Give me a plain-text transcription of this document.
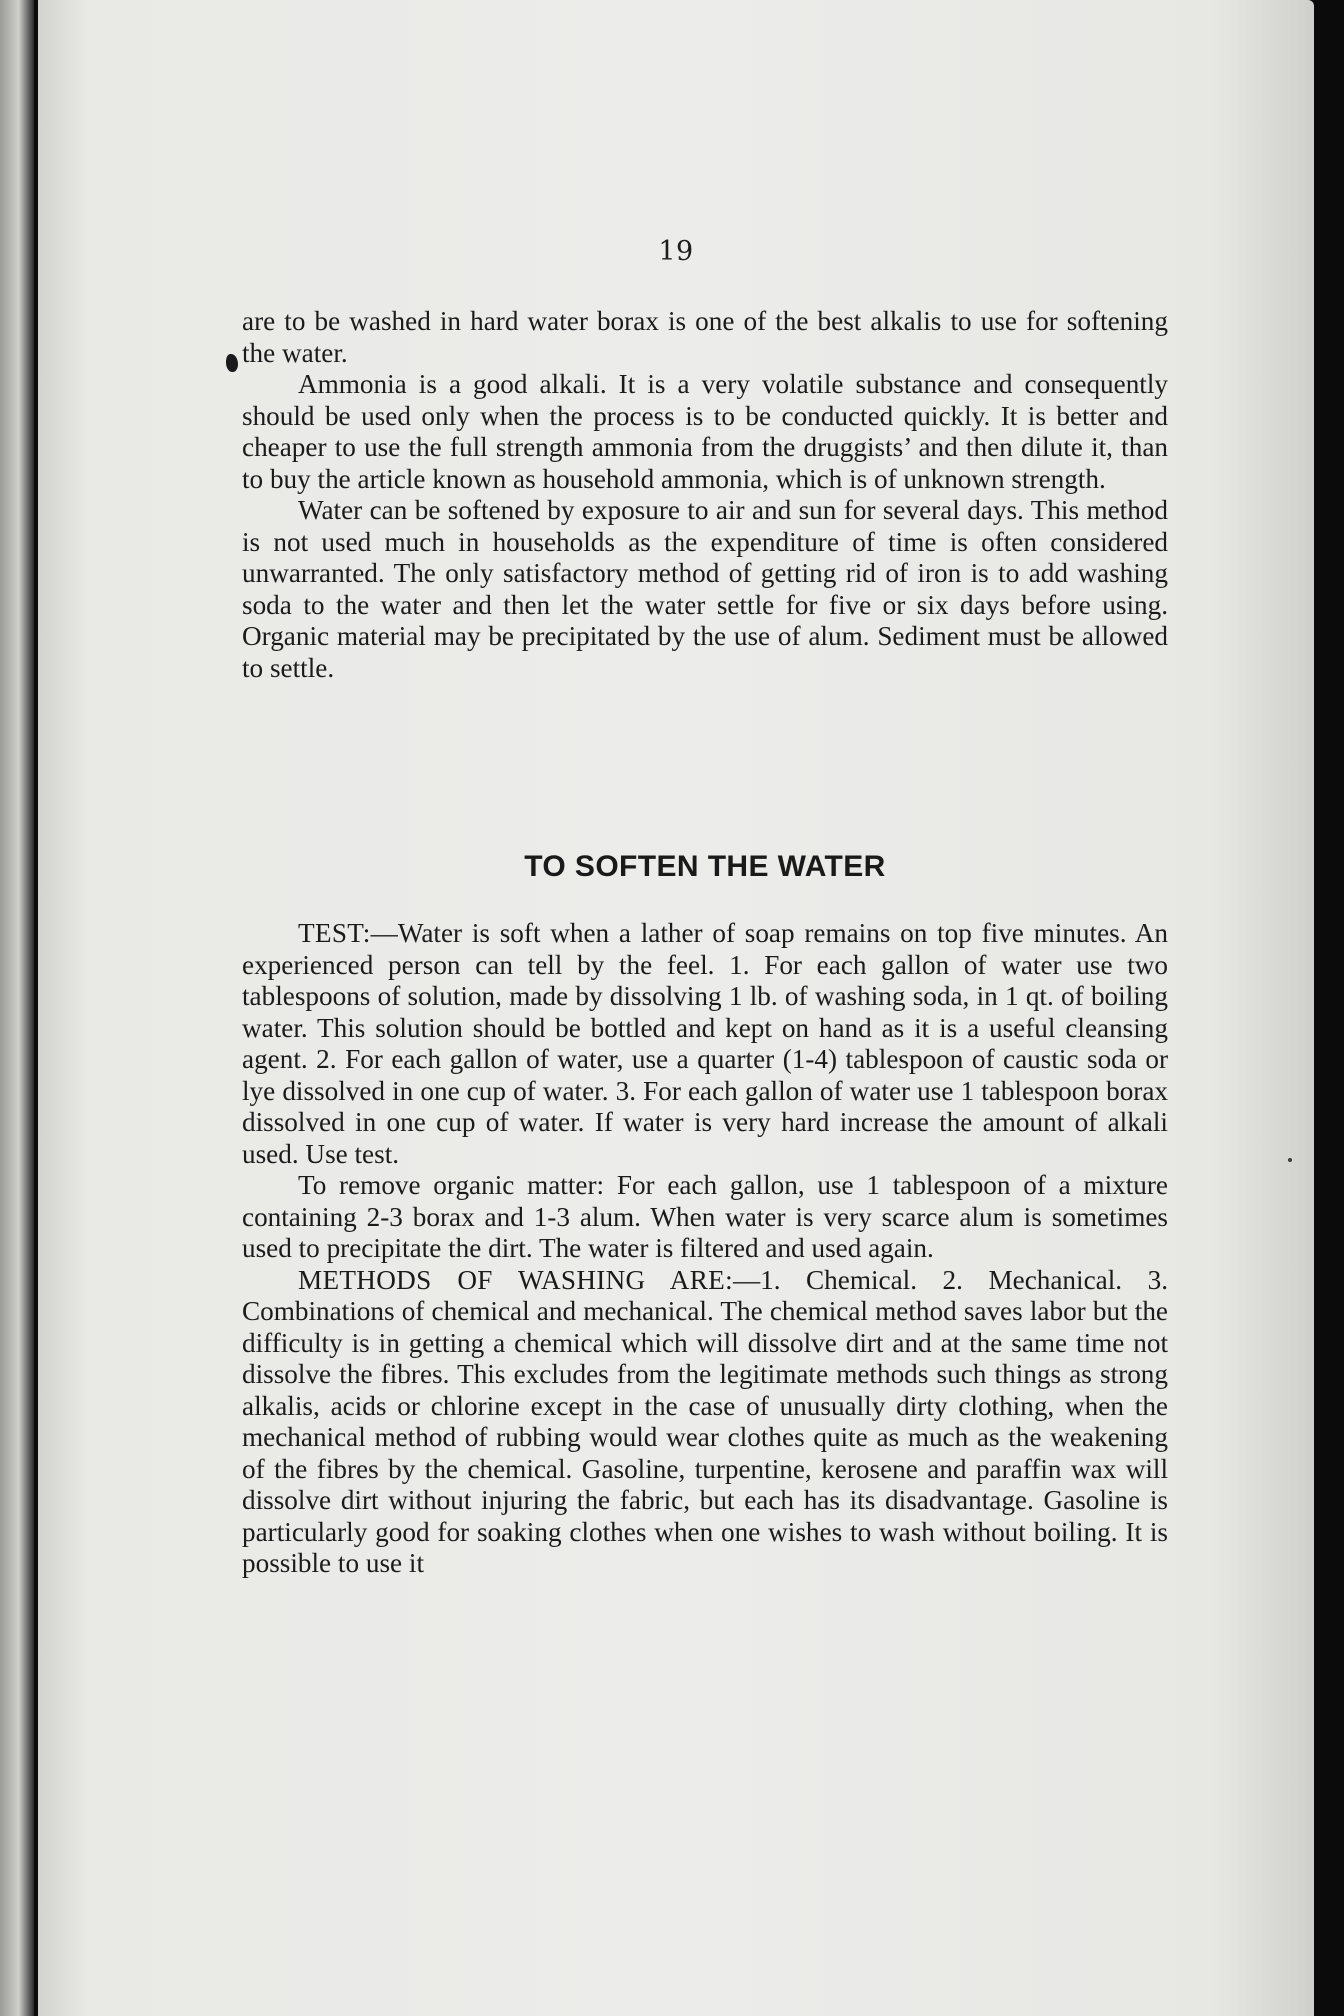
19

are to be washed in hard water borax is one of the best alkalis to use for softening the water.

Ammonia is a good alkali. It is a very volatile substance and consequently should be used only when the process is to be conducted quickly. It is better and cheaper to use the full strength ammonia from the druggists’ and then dilute it, than to buy the article known as household ammonia, which is of unknown strength.

Water can be softened by exposure to air and sun for several days. This method is not used much in households as the expenditure of time is often considered unwarranted. The only satisfactory method of getting rid of iron is to add washing soda to the water and then let the water settle for five or six days before using. Organic material may be precipitated by the use of alum. Sediment must be allowed to settle.

TO SOFTEN THE WATER

TEST:—Water is soft when a lather of soap remains on top five minutes. An experienced person can tell by the feel. 1. For each gallon of water use two tablespoons of solution, made by dissolving 1 lb. of washing soda, in 1 qt. of boiling water. This solution should be bottled and kept on hand as it is a useful cleansing agent. 2. For each gallon of water, use a quarter (1-4) tablespoon of caustic soda or lye dissolved in one cup of water. 3. For each gallon of water use 1 tablespoon borax dissolved in one cup of water. If water is very hard increase the amount of alkali used. Use test.

To remove organic matter: For each gallon, use 1 tablespoon of a mixture containing 2-3 borax and 1-3 alum. When water is very scarce alum is sometimes used to precipitate the dirt. The water is filtered and used again.

METHODS OF WASHING ARE:—1. Chemical. 2. Mechanical. 3. Combinations of chemical and mechanical. The chemical method saves labor but the difficulty is in getting a chemical which will dissolve dirt and at the same time not dissolve the fibres. This excludes from the legitimate methods such things as strong alkalis, acids or chlorine except in the case of unusually dirty clothing, when the mechanical method of rubbing would wear clothes quite as much as the weakening of the fibres by the chemical. Gasoline, turpentine, kerosene and paraffin wax will dissolve dirt without injuring the fabric, but each has its disadvantage. Gasoline is particularly good for soaking clothes when one wishes to wash without boiling. It is possible to use it
